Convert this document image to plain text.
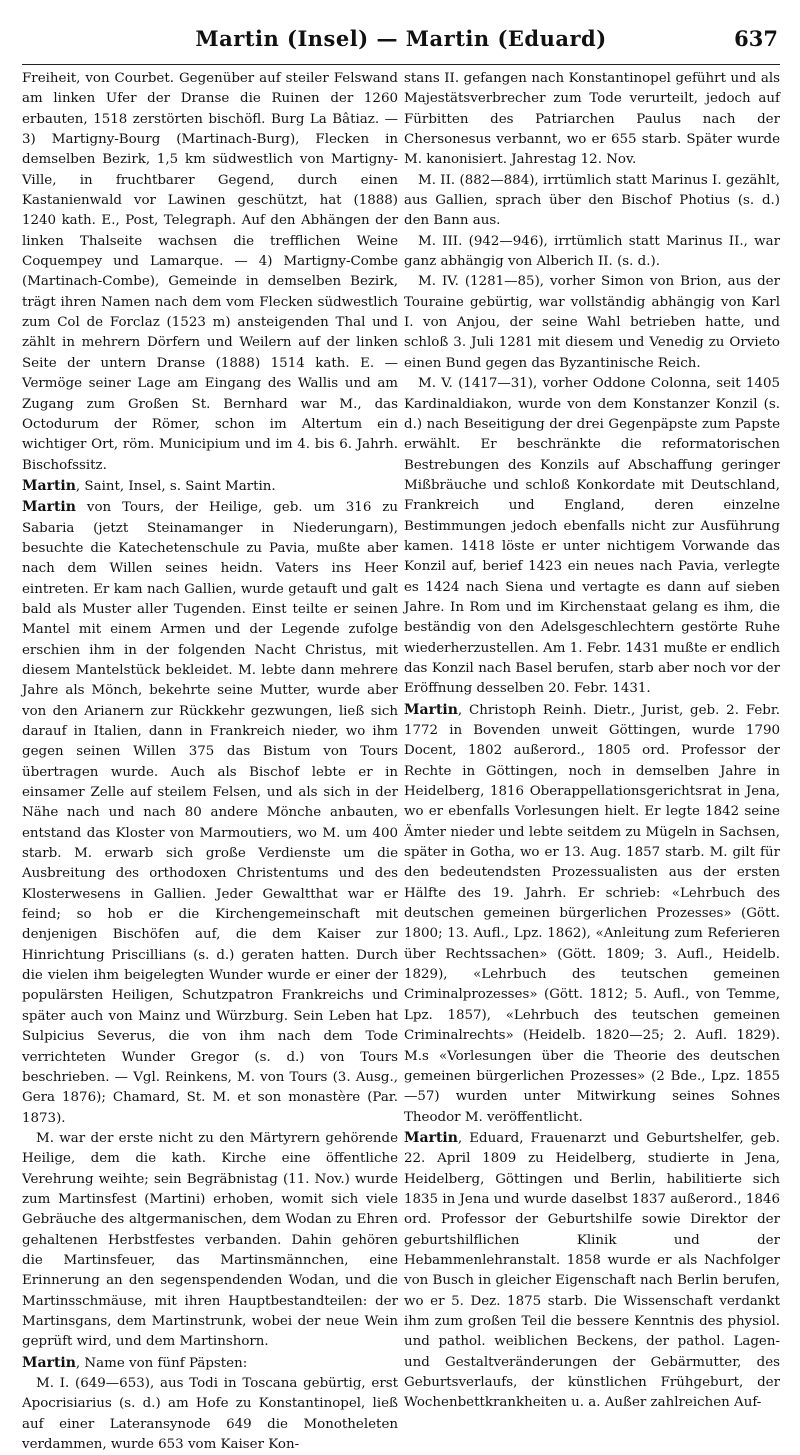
Martin (Insel) — Martin (Eduard)	637

Freiheit, von Courbet. Gegenüber auf steiler Felswand am linken Ufer der Dranse die Ruinen der 1260 erbauten, 1518 zerstörten bischöfl. Burg La Bâtiaz. — 3) Martigny-Bourg (Martinach-Burg), Flecken in demselben Bezirk, 1,5 km südwestlich von Martigny-Ville, in fruchtbarer Gegend, durch einen Kastanienwald vor Lawinen geschützt, hat (1888) 1240 kath. E., Post, Telegraph. Auf den Abhängen der linken Thalseite wachsen die trefflichen Weine Coquempey und Lamarque. — 4) Martigny-Combe (Martinach-Combe), Gemeinde in demselben Bezirk, trägt ihren Namen nach dem vom Flecken südwestlich zum Col de Forclaz (1523 m) ansteigenden Thal und zählt in mehrern Dörfern und Weilern auf der linken Seite der untern Dranse (1888) 1514 kath. E. — Vermöge seiner Lage am Eingang des Wallis und am Zugang zum Großen St. Bernhard war M., das Octodurum der Römer, schon im Altertum ein wichtiger Ort, röm. Municipium und im 4. bis 6. Jahrh. Bischofssitz.

Martin, Saint, Insel, s. Saint Martin.

Martin von Tours, der Heilige, geb. um 316 zu Sabaria (jetzt Steinamanger in Niederungarn), besuchte die Katechetenschule zu Pavia, mußte aber nach dem Willen seines heidn. Vaters ins Heer eintreten. Er kam nach Gallien, wurde getauft und galt bald als Muster aller Tugenden. Einst teilte er seinen Mantel mit einem Armen und der Legende zufolge erschien ihm in der folgenden Nacht Christus, mit diesem Mantelstück bekleidet. M. lebte dann mehrere Jahre als Mönch, bekehrte seine Mutter, wurde aber von den Arianern zur Rückkehr gezwungen, ließ sich darauf in Italien, dann in Frankreich nieder, wo ihm gegen seinen Willen 375 das Bistum von Tours übertragen wurde. Auch als Bischof lebte er in einsamer Zelle auf steilem Felsen, und als sich in der Nähe nach und nach 80 andere Mönche anbauten, entstand das Kloster von Marmoutiers, wo M. um 400 starb. M. erwarb sich große Verdienste um die Ausbreitung des orthodoxen Christentums und des Klosterwesens in Gallien. Jeder Gewaltthat war er feind; so hob er die Kirchengemeinschaft mit denjenigen Bischöfen auf, die dem Kaiser zur Hinrichtung Priscillians (s. d.) geraten hatten. Durch die vielen ihm beigelegten Wunder wurde er einer der populärsten Heiligen, Schutzpatron Frankreichs und später auch von Mainz und Würzburg. Sein Leben hat Sulpicius Severus, die von ihm nach dem Tode verrichteten Wunder Gregor (s. d.) von Tours beschrieben. — Vgl. Reinkens, M. von Tours (3. Ausg., Gera 1876); Chamard, St. M. et son monastère (Par. 1873).

M. war der erste nicht zu den Märtyrern gehörende Heilige, dem die kath. Kirche eine öffentliche Verehrung weihte; sein Begräbnistag (11. Nov.) wurde zum Martinsfest (Martini) erhoben, womit sich viele Gebräuche des altgermanischen, dem Wodan zu Ehren gehaltenen Herbstfestes verbanden. Dahin gehören die Martinsfeuer, das Martinsmännchen, eine Erinnerung an den segenspendenden Wodan, und die Martinsschmäuse, mit ihren Hauptbestandteilen: der Martinsgans, dem Martinstrunk, wobei der neue Wein geprüft wird, und dem Martinshorn.

Martin, Name von fünf Päpsten:

M. I. (649—653), aus Todi in Toscana gebürtig, erst Apocrisiarius (s. d.) am Hofe zu Konstantinopel, ließ auf einer Lateransynode 649 die Monotheleten verdammen, wurde 653 vom Kaiser Kon-

stans II. gefangen nach Konstantinopel geführt und als Majestätsverbrecher zum Tode verurteilt, jedoch auf Fürbitten des Patriarchen Paulus nach der Chersonesus verbannt, wo er 655 starb. Später wurde M. kanonisiert. Jahrestag 12. Nov.

M. II. (882—884), irrtümlich statt Marinus I. gezählt, aus Gallien, sprach über den Bischof Photius (s. d.) den Bann aus.

M. III. (942—946), irrtümlich statt Marinus II., war ganz abhängig von Alberich II. (s. d.).

M. IV. (1281—85), vorher Simon von Brion, aus der Touraine gebürtig, war vollständig abhängig von Karl I. von Anjou, der seine Wahl betrieben hatte, und schloß 3. Juli 1281 mit diesem und Venedig zu Orvieto einen Bund gegen das Byzantinische Reich.

M. V. (1417—31), vorher Oddone Colonna, seit 1405 Kardinaldiakon, wurde von dem Konstanzer Konzil (s. d.) nach Beseitigung der drei Gegenpäpste zum Papste erwählt. Er beschränkte die reformatorischen Bestrebungen des Konzils auf Abschaffung geringer Mißbräuche und schloß Konkordate mit Deutschland, Frankreich und England, deren einzelne Bestimmungen jedoch ebenfalls nicht zur Ausführung kamen. 1418 löste er unter nichtigem Vorwande das Konzil auf, berief 1423 ein neues nach Pavia, verlegte es 1424 nach Siena und vertagte es dann auf sieben Jahre. In Rom und im Kirchenstaat gelang es ihm, die beständig von den Adelsgeschlechtern gestörte Ruhe wiederherzustellen. Am 1. Febr. 1431 mußte er endlich das Konzil nach Basel berufen, starb aber noch vor der Eröffnung desselben 20. Febr. 1431.

Martin, Christoph Reinh. Dietr., Jurist, geb. 2. Febr. 1772 in Bovenden unweit Göttingen, wurde 1790 Docent, 1802 außerord., 1805 ord. Professor der Rechte in Göttingen, noch in demselben Jahre in Heidelberg, 1816 Oberappellationsgerichtsrat in Jena, wo er ebenfalls Vorlesungen hielt. Er legte 1842 seine Ämter nieder und lebte seitdem zu Mügeln in Sachsen, später in Gotha, wo er 13. Aug. 1857 starb. M. gilt für den bedeutendsten Prozessualisten aus der ersten Hälfte des 19. Jahrh. Er schrieb: «Lehrbuch des deutschen gemeinen bürgerlichen Prozesses» (Gött. 1800; 13. Aufl., Lpz. 1862), «Anleitung zum Referieren über Rechtssachen» (Gött. 1809; 3. Aufl., Heidelb. 1829), «Lehrbuch des teutschen gemeinen Criminalprozesses» (Gött. 1812; 5. Aufl., von Temme, Lpz. 1857), «Lehrbuch des teutschen gemeinen Criminalrechts» (Heidelb. 1820—25; 2. Aufl. 1829). M.s «Vorlesungen über die Theorie des deutschen gemeinen bürgerlichen Prozesses» (2 Bde., Lpz. 1855—57) wurden unter Mitwirkung seines Sohnes Theodor M. veröffentlicht.

Martin, Eduard, Frauenarzt und Geburtshelfer, geb. 22. April 1809 zu Heidelberg, studierte in Jena, Heidelberg, Göttingen und Berlin, habilitierte sich 1835 in Jena und wurde daselbst 1837 außerord., 1846 ord. Professor der Geburtshilfe sowie Direktor der geburtshilflichen Klinik und der Hebammenlehranstalt. 1858 wurde er als Nachfolger von Busch in gleicher Eigenschaft nach Berlin berufen, wo er 5. Dez. 1875 starb. Die Wissenschaft verdankt ihm zum großen Teil die bessere Kenntnis des physiol. und pathol. weiblichen Beckens, der pathol. Lagen- und Gestaltveränderungen der Gebärmutter, des Geburtsverlaufs, der künstlichen Frühgeburt, der Wochenbettkrankheiten u. a. Außer zahlreichen Auf-
